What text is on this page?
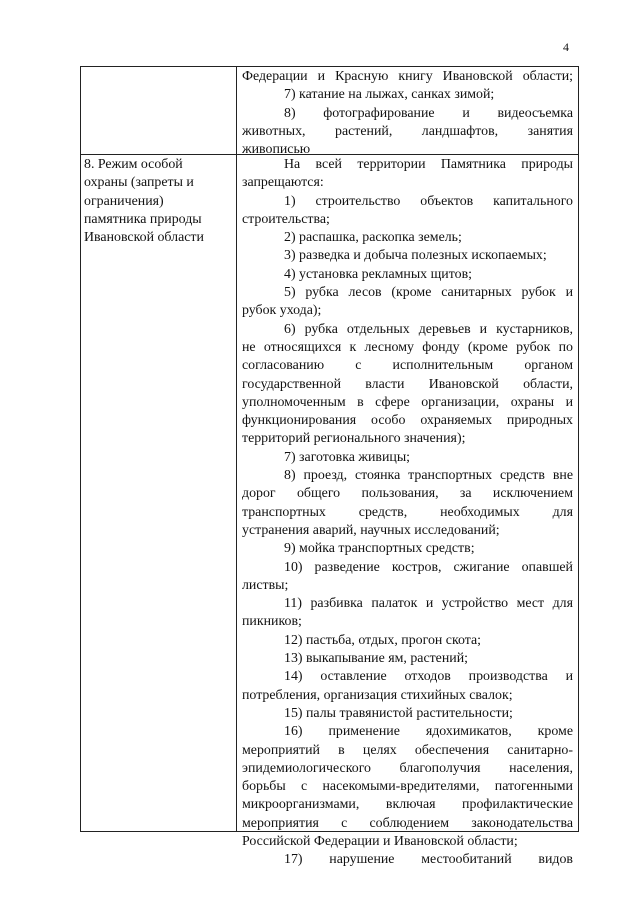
4
Федерации и Красную книгу Ивановской области;
7) катание на лыжах, санках зимой;
8) фотографирование и видеосъемка
животных, растений, ландшафтов, занятия
живописью
8. Режим особой
охраны (запреты и
ограничения)
памятника природы
Ивановской области
На всей территории Памятника природы
запрещаются:
1) строительство объектов капитального
строительства;
2) распашка, раскопка земель;
3) разведка и добыча полезных ископаемых;
4) установка рекламных щитов;
5) рубка лесов (кроме санитарных рубок и
рубок ухода);
6) рубка отдельных деревьев и кустарников,
не относящихся к лесному фонду (кроме рубок по
согласованию с исполнительным органом
государственной власти Ивановской области,
уполномоченным в сфере организации, охраны и
функционирования особо охраняемых природных
территорий регионального значения);
7) заготовка живицы;
8) проезд, стоянка транспортных средств вне
дорог общего пользования, за исключением
транспортных средств, необходимых для
устранения аварий, научных исследований;
9) мойка транспортных средств;
10) разведение костров, сжигание опавшей
листвы;
11) разбивка палаток и устройство мест для
пикников;
12) пастьба, отдых, прогон скота;
13) выкапывание ям, растений;
14) оставление отходов производства и
потребления, организация стихийных свалок;
15) палы травянистой растительности;
16) применение ядохимикатов, кроме
мероприятий в целях обеспечения санитарно-
эпидемиологического благополучия населения,
борьбы с насекомыми-вредителями, патогенными
микроорганизмами, включая профилактические
мероприятия с соблюдением законодательства
Российской Федерации и Ивановской области;
17) нарушение местообитаний видов
